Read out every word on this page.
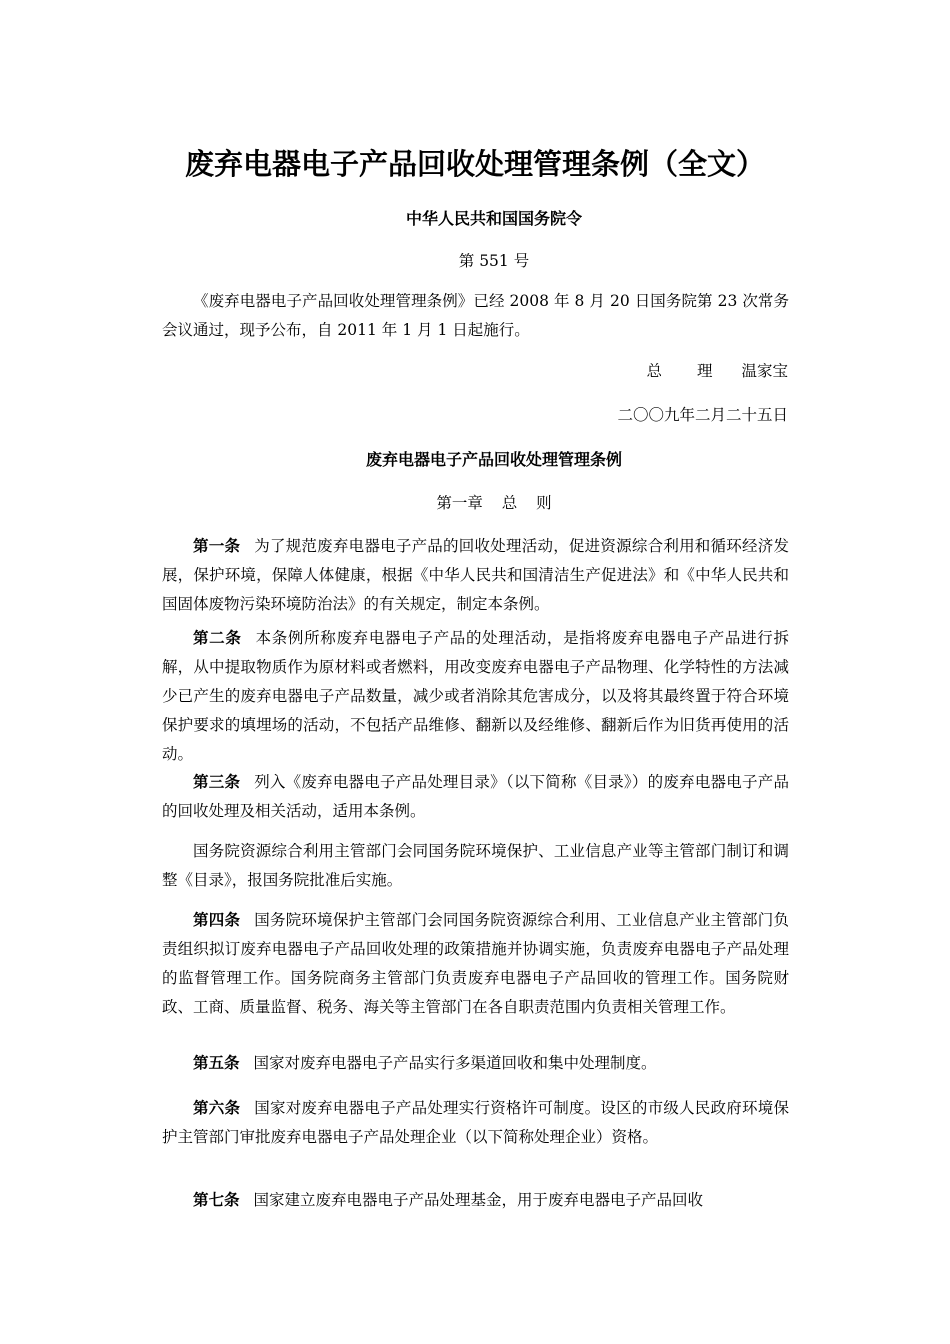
废弃电器电子产品回收处理管理条例（全文）
中华人民共和国国务院令
第 551 号
《废弃电器电子产品回收处理管理条例》已经 2008 年 8 月 20 日国务院第 23 次常务会议通过，现予公布，自 2011 年 1 月 1 日起施行。
总 理 温家宝
二〇〇九年二月二十五日
废弃电器电子产品回收处理管理条例
第一章 总 则
第一条 为了规范废弃电器电子产品的回收处理活动，促进资源综合利用和循环经济发展，保护环境，保障人体健康，根据《中华人民共和国清洁生产促进法》和《中华人民共和国固体废物污染环境防治法》的有关规定，制定本条例。
第二条 本条例所称废弃电器电子产品的处理活动，是指将废弃电器电子产品进行拆解，从中提取物质作为原材料或者燃料，用改变废弃电器电子产品物理、化学特性的方法减少已产生的废弃电器电子产品数量，减少或者消除其危害成分，以及将其最终置于符合环境保护要求的填埋场的活动，不包括产品维修、翻新以及经维修、翻新后作为旧货再使用的活动。
第三条 列入《废弃电器电子产品处理目录》（以下简称《目录》）的废弃电器电子产品的回收处理及相关活动，适用本条例。
国务院资源综合利用主管部门会同国务院环境保护、工业信息产业等主管部门制订和调整《目录》，报国务院批准后实施。
第四条 国务院环境保护主管部门会同国务院资源综合利用、工业信息产业主管部门负责组织拟订废弃电器电子产品回收处理的政策措施并协调实施，负责废弃电器电子产品处理的监督管理工作。国务院商务主管部门负责废弃电器电子产品回收的管理工作。国务院财政、工商、质量监督、税务、海关等主管部门在各自职责范围内负责相关管理工作。
第五条 国家对废弃电器电子产品实行多渠道回收和集中处理制度。
第六条 国家对废弃电器电子产品处理实行资格许可制度。设区的市级人民政府环境保护主管部门审批废弃电器电子产品处理企业（以下简称处理企业）资格。
第七条 国家建立废弃电器电子产品处理基金，用于废弃电器电子产品回收
